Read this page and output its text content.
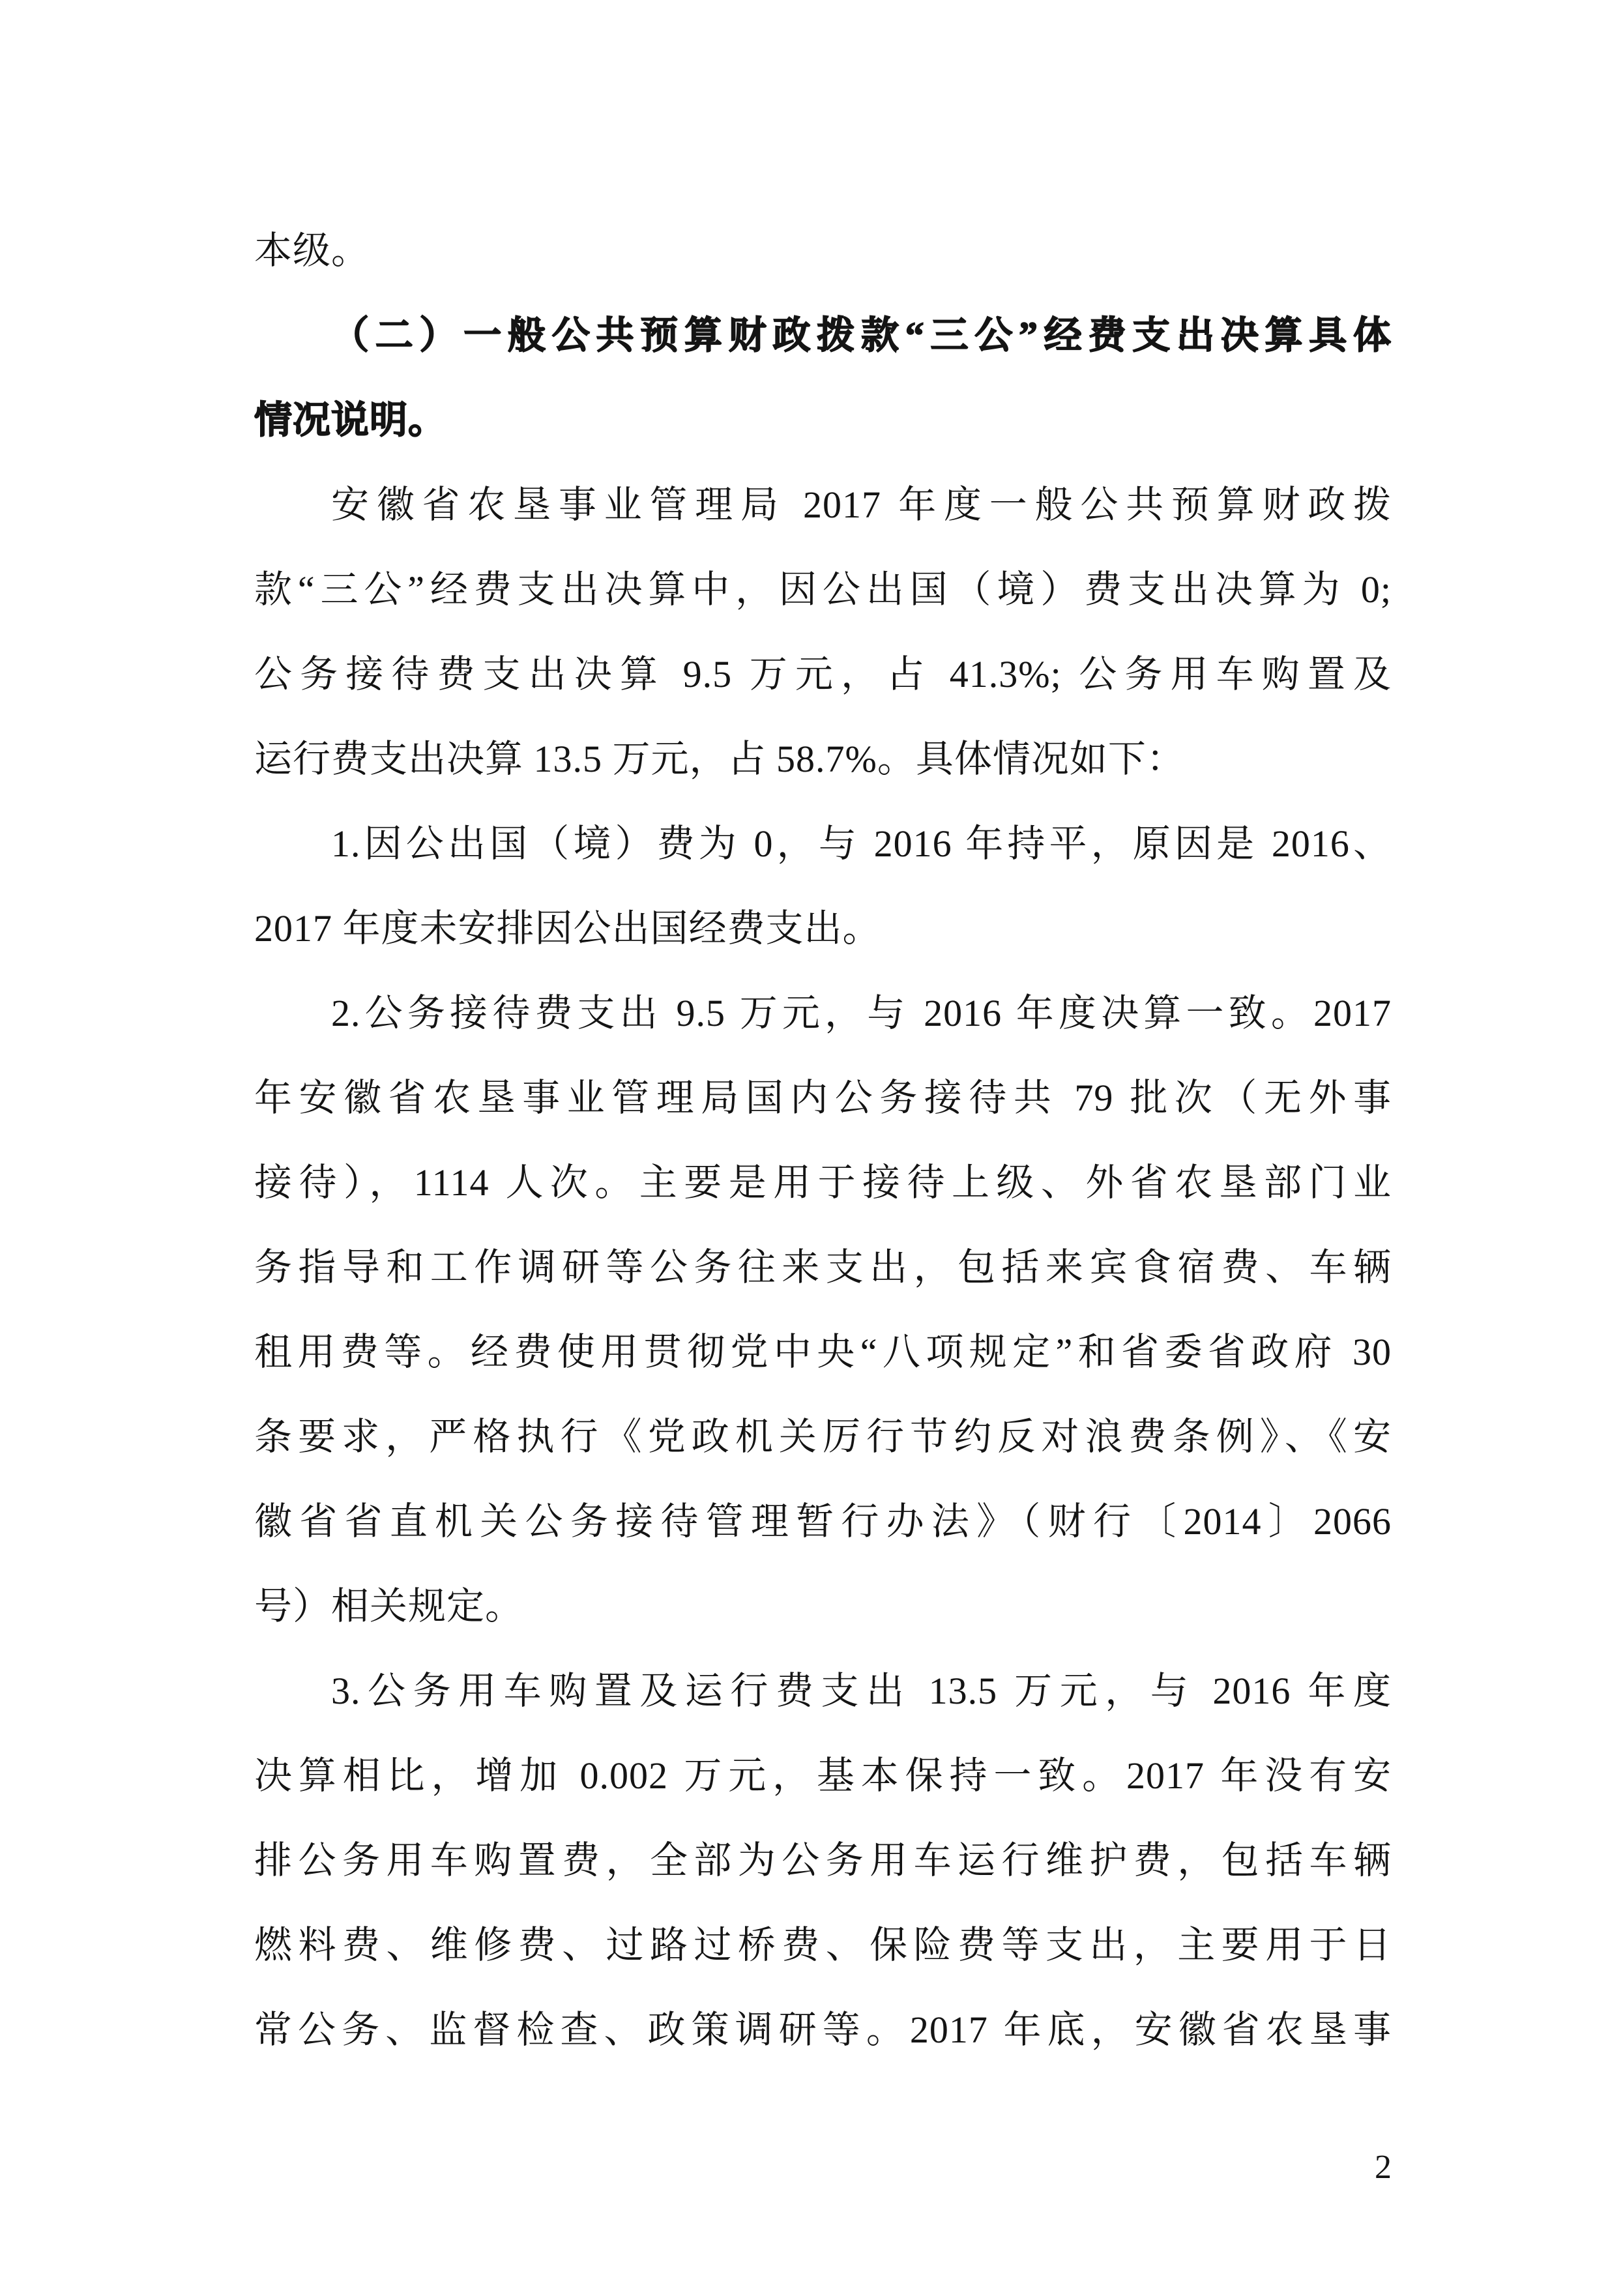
本级。
（二）一般公共预算财政拨款“三公”经费支出决算具体
情况说明。
安徽省农垦事业管理局 2017 年度一般公共预算财政拨
款“三公”经费支出决算中，因公出国（境）费支出决算为 0;
公务接待费支出决算 9.5 万元，占 41.3%; 公务用车购置及
运行费支出决算 13.5 万元，占 58.7%。具体情况如下：
1.因公出国（境）费为 0，与 2016 年持平，原因是 2016、
2017 年度未安排因公出国经费支出。
2.公务接待费支出 9.5 万元，与 2016 年度决算一致。2017
年安徽省农垦事业管理局国内公务接待共 79 批次（无外事
接待），1114 人次。主要是用于接待上级、外省农垦部门业
务指导和工作调研等公务往来支出，包括来宾食宿费、车辆
租用费等。经费使用贯彻党中央“八项规定”和省委省政府 30
条要求，严格执行《党政机关厉行节约反对浪费条例》、《安
徽省省直机关公务接待管理暂行办法》（财行〔2014〕2066
号）相关规定。
3.公务用车购置及运行费支出 13.5 万元，与 2016 年度
决算相比，增加 0.002 万元，基本保持一致。2017 年没有安
排公务用车购置费，全部为公务用车运行维护费，包括车辆
燃料费、维修费、过路过桥费、保险费等支出，主要用于日
常公务、监督检查、政策调研等。2017 年底，安徽省农垦事
2
